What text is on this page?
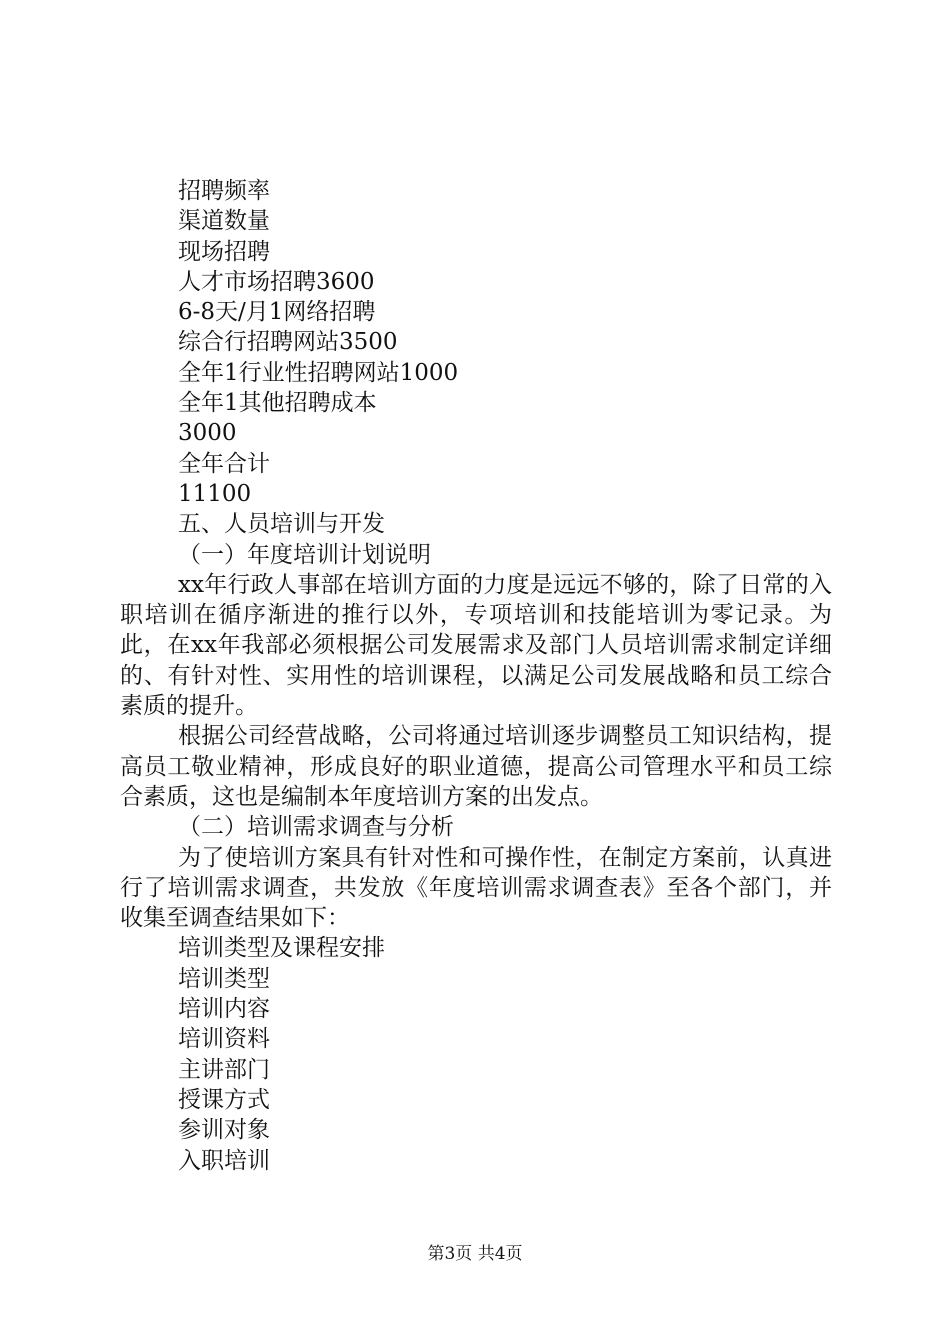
招聘频率
渠道数量
现场招聘
人才市场招聘3600
6-8天/月1网络招聘
综合行招聘网站3500
全年1行业性招聘网站1000
全年1其他招聘成本
3000
全年合计
11100
五、人员培训与开发
（一）年度培训计划说明
xx年行政人事部在培训方面的力度是远远不够的，除了日常的入职培训在循序渐进的推行以外，专项培训和技能培训为零记录。为此，在xx年我部必须根据公司发展需求及部门人员培训需求制定详细的、有针对性、实用性的培训课程，以满足公司发展战略和员工综合素质的提升。
根据公司经营战略，公司将通过培训逐步调整员工知识结构，提高员工敬业精神，形成良好的职业道德，提高公司管理水平和员工综合素质，这也是编制本年度培训方案的出发点。
（二）培训需求调查与分析
为了使培训方案具有针对性和可操作性，在制定方案前，认真进行了培训需求调查，共发放《年度培训需求调查表》至各个部门，并收集至调查结果如下：
培训类型及课程安排
培训类型
培训内容
培训资料
主讲部门
授课方式
参训对象
入职培训
第3页 共4页
